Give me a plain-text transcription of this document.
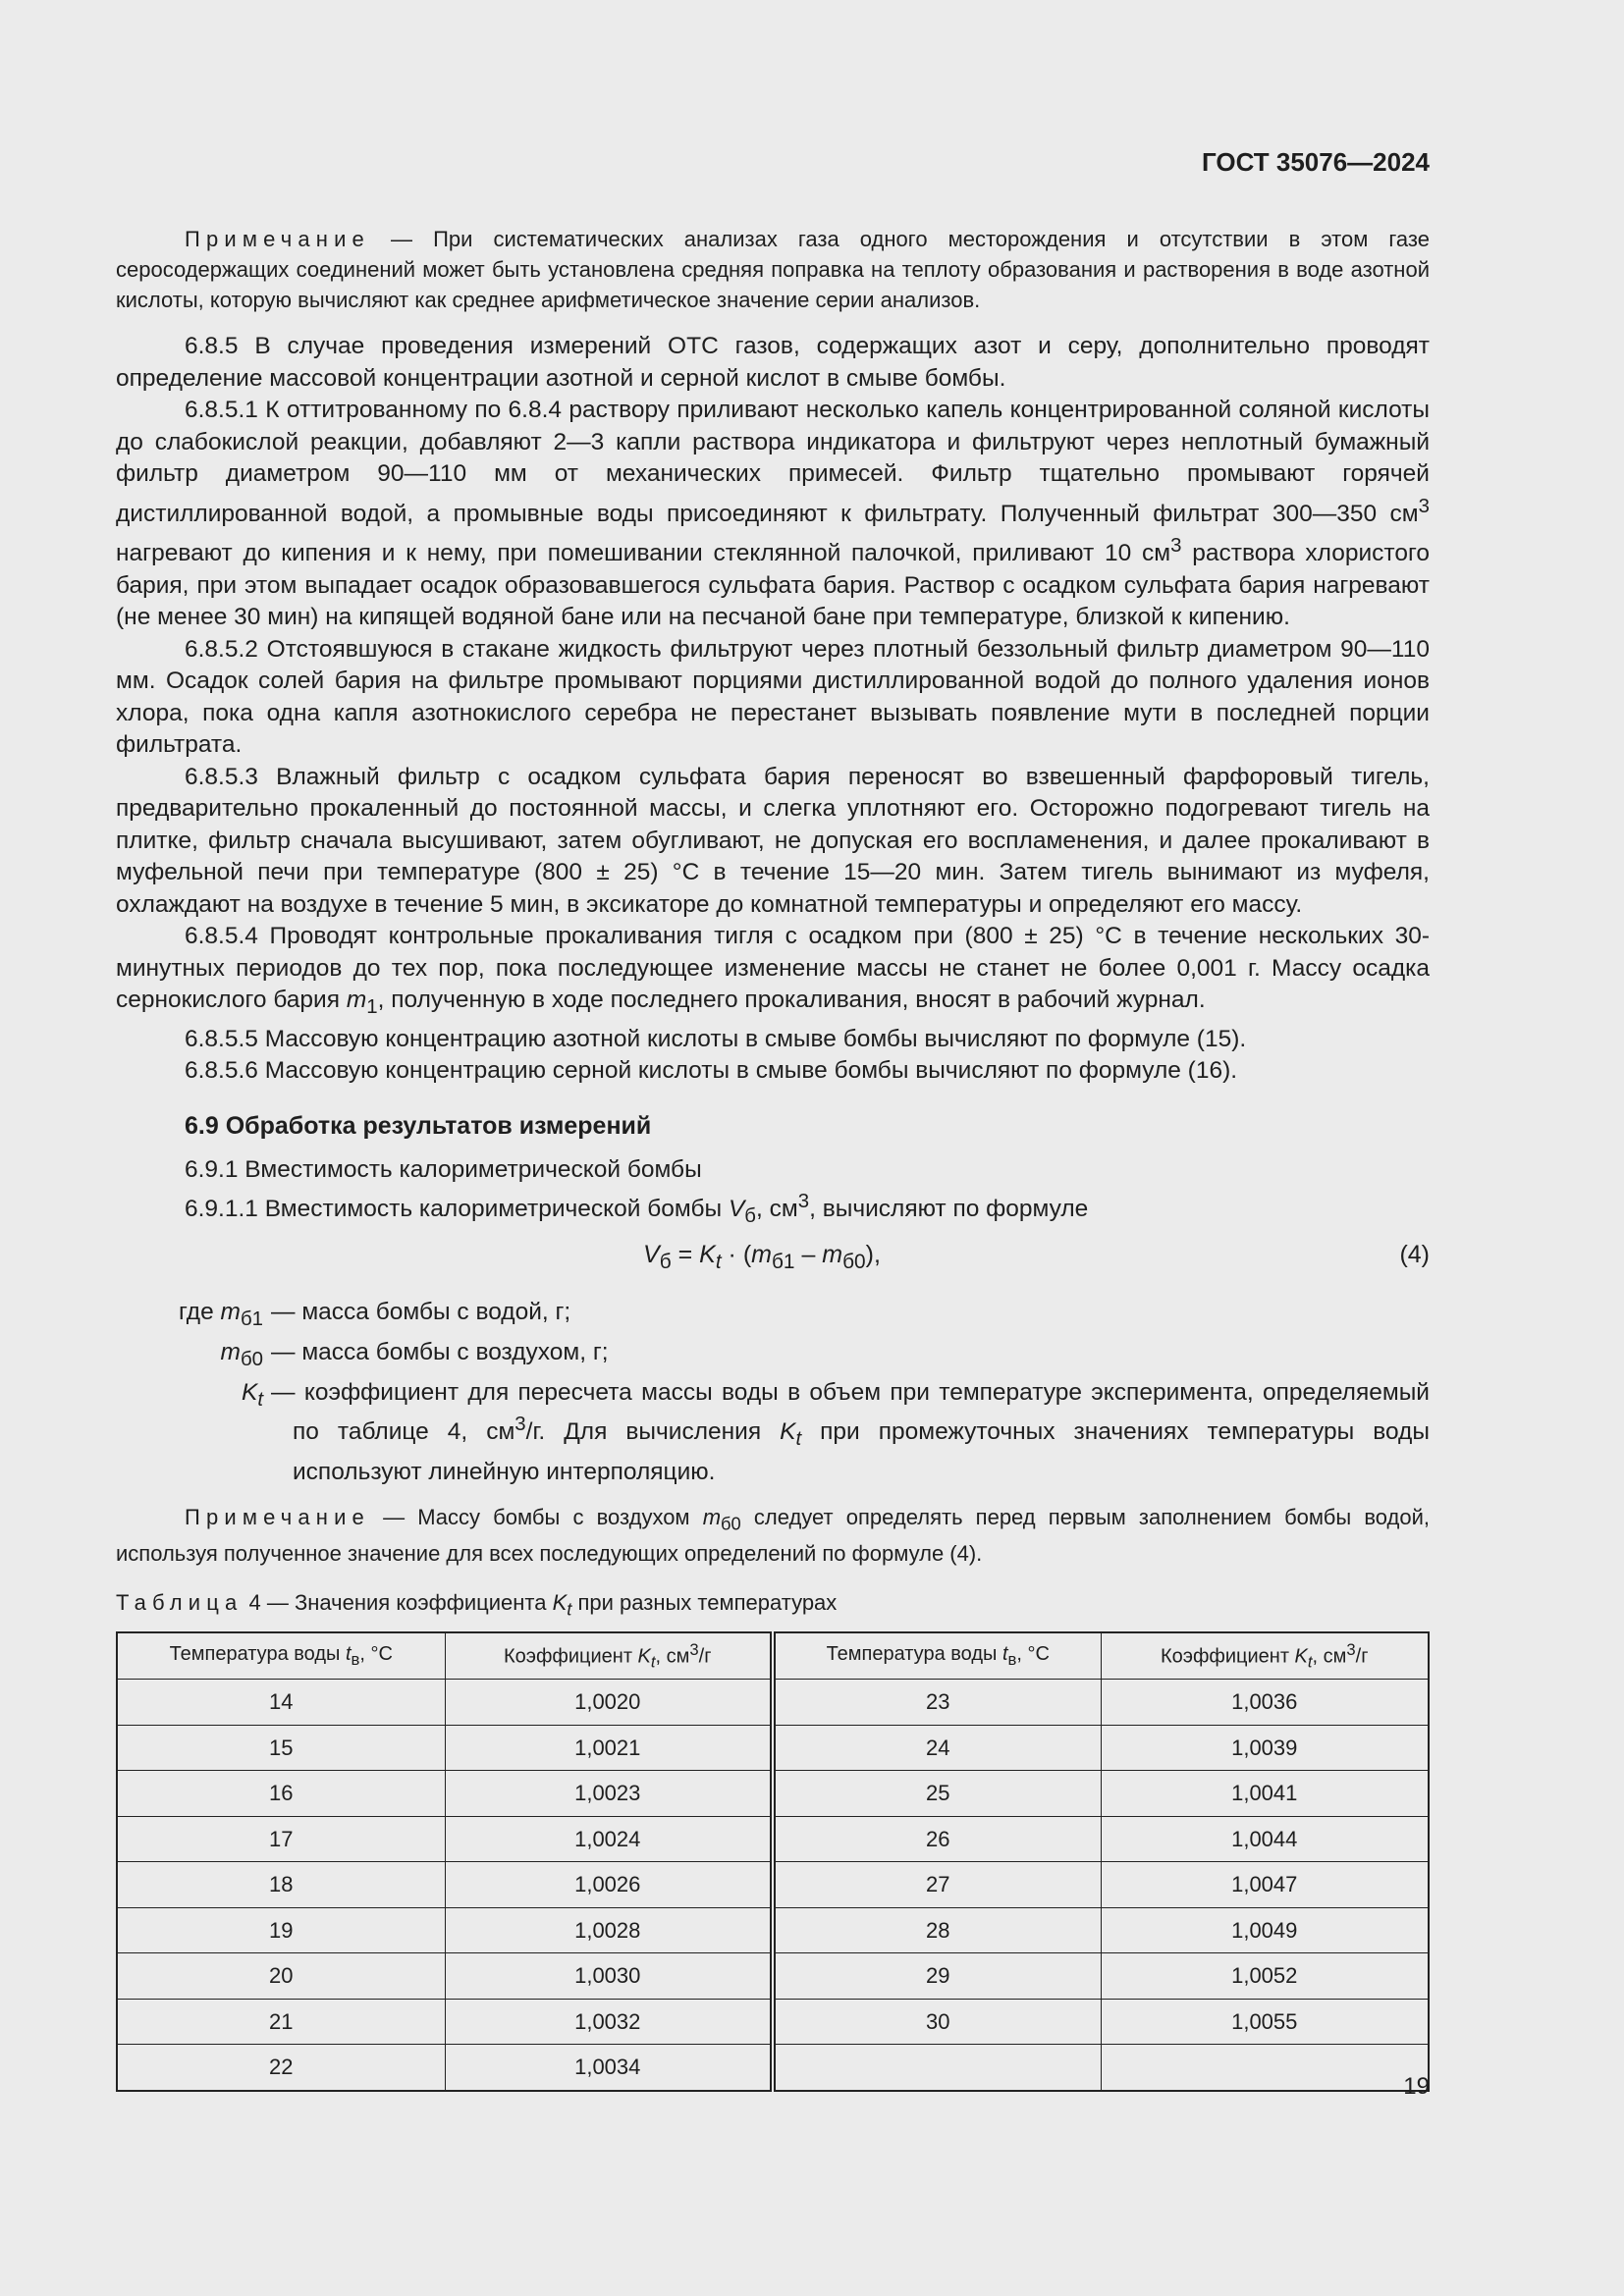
ГОСТ 35076—2024

Примечание — При систематических анализах газа одного месторождения и отсутствии в этом газе серосодержащих соединений может быть установлена средняя поправка на теплоту образования и растворения в воде азотной кислоты, которую вычисляют как среднее арифметическое значение серии анализов.

6.8.5 В случае проведения измерений ОТС газов, содержащих азот и серу, дополнительно проводят определение массовой концентрации азотной и серной кислот в смыве бомбы.

6.8.5.1 К оттитрованному по 6.8.4 раствору приливают несколько капель концентрированной соляной кислоты до слабокислой реакции, добавляют 2—3 капли раствора индикатора и фильтруют через неплотный бумажный фильтр диаметром 90—110 мм от механических примесей. Фильтр тщательно промывают горячей дистиллированной водой, а промывные воды присоединяют к фильтрату. Полученный фильтрат 300—350 $см^3$ нагревают до кипения и к нему, при помешивании стеклянной палочкой, приливают 10 $см^3$ раствора хлористого бария, при этом выпадает осадок образовавшегося сульфата бария. Раствор с осадком сульфата бария нагревают (не менее 30 мин) на кипящей водяной бане или на песчаной бане при температуре, близкой к кипению.

6.8.5.2 Отстоявшуюся в стакане жидкость фильтруют через плотный беззольный фильтр диаметром 90—110 мм. Осадок солей бария на фильтре промывают порциями дистиллированной водой до полного удаления ионов хлора, пока одна капля азотнокислого серебра не перестанет вызывать появление мути в последней порции фильтрата.

6.8.5.3 Влажный фильтр с осадком сульфата бария переносят во взвешенный фарфоровый тигель, предварительно прокаленный до постоянной массы, и слегка уплотняют его. Осторожно подогревают тигель на плитке, фильтр сначала высушивают, затем обугливают, не допуская его воспламенения, и далее прокаливают в муфельной печи при температуре (800 ± 25) °С в течение 15—20 мин. Затем тигель вынимают из муфеля, охлаждают на воздухе в течение 5 мин, в эксикаторе до комнатной температуры и определяют его массу.

6.8.5.4 Проводят контрольные прокаливания тигля с осадком при (800 ± 25) °С в течение нескольких 30-минутных периодов до тех пор, пока последующее изменение массы не станет не более 0,001 г. Массу осадка сернокислого бария $m_1$, полученную в ходе последнего прокаливания, вносят в рабочий журнал.

6.8.5.5 Массовую концентрацию азотной кислоты в смыве бомбы вычисляют по формуле (15).

6.8.5.6 Массовую концентрацию серной кислоты в смыве бомбы вычисляют по формуле (16).

6.9 Обработка результатов измерений

6.9.1 Вместимость калориметрической бомбы

6.9.1.1 Вместимость калориметрической бомбы $V_б$, $см^3$, вычисляют по формуле

$V_б = K_t \cdot (m_{б1} - m_{б0})$,	(4)
где $m_{б1}$ — масса бомбы с водой, г;
$m_{б0}$ — масса бомбы с воздухом, г;
$K_t$ — коэффициент для пересчета массы воды в объем при температуре эксперимента, определяемый по таблице 4, $см^3/г$. Для вычисления $K_t$ при промежуточных значениях температуры воды используют линейную интерполяцию.

Примечание — Массу бомбы с воздухом $m_{б0}$ следует определять перед первым заполнением бомбы водой, используя полученное значение для всех последующих определений по формуле (4).

Таблица 4 — Значения коэффициента $K_t$ при разных температурах
Температура воды $t_в$, °С	Коэффициент $K_t$, $см^3/г$	Температура воды $t_в$, °С	Коэффициент $K_t$, $см^3/г$
14	1,0020	23	1,0036
15	1,0021	24	1,0039
16	1,0023	25	1,0041
17	1,0024	26	1,0044
18	1,0026	27	1,0047
19	1,0028	28	1,0049
20	1,0030	29	1,0052
21	1,0032	30	1,0055
22	1,0034		
19
